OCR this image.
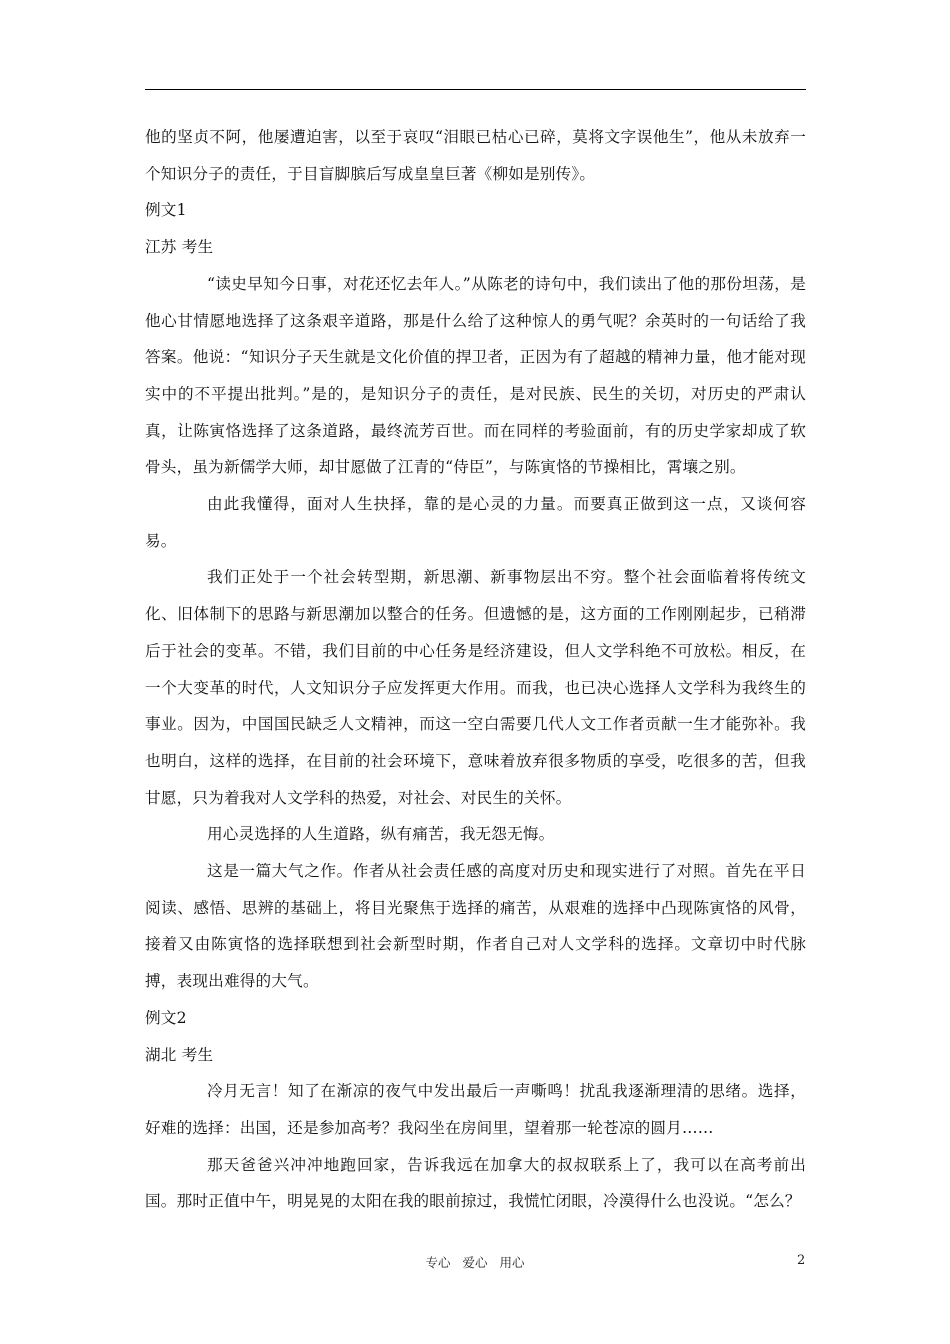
他的坚贞不阿，他屡遭迫害，以至于哀叹“泪眼已枯心已碎，莫将文字误他生”，他从未放弃一个知识分子的责任，于目盲脚膑后写成皇皇巨著《柳如是别传》。

例文1

江苏 考生

“读史早知今日事，对花还忆去年人。”从陈老的诗句中，我们读出了他的那份坦荡，是他心甘情愿地选择了这条艰辛道路，那是什么给了这种惊人的勇气呢？余英时的一句话给了我答案。他说：“知识分子天生就是文化价值的捍卫者，正因为有了超越的精神力量，他才能对现实中的不平提出批判。”是的，是知识分子的责任，是对民族、民生的关切，对历史的严肃认真，让陈寅恪选择了这条道路，最终流芳百世。而在同样的考验面前，有的历史学家却成了软骨头，虽为新儒学大师，却甘愿做了江青的“侍臣”，与陈寅恪的节操相比，霄壤之别。

由此我懂得，面对人生抉择，靠的是心灵的力量。而要真正做到这一点，又谈何容易。

我们正处于一个社会转型期，新思潮、新事物层出不穷。整个社会面临着将传统文化、旧体制下的思路与新思潮加以整合的任务。但遗憾的是，这方面的工作刚刚起步，已稍滞后于社会的变革。不错，我们目前的中心任务是经济建设，但人文学科绝不可放松。相反，在一个大变革的时代，人文知识分子应发挥更大作用。而我，也已决心选择人文学科为我终生的事业。因为，中国国民缺乏人文精神，而这一空白需要几代人文工作者贡献一生才能弥补。我也明白，这样的选择，在目前的社会环境下，意味着放弃很多物质的享受，吃很多的苦，但我甘愿，只为着我对人文学科的热爱，对社会、对民生的关怀。

用心灵选择的人生道路，纵有痛苦，我无怨无悔。

这是一篇大气之作。作者从社会责任感的高度对历史和现实进行了对照。首先在平日阅读、感悟、思辨的基础上，将目光聚焦于选择的痛苦，从艰难的选择中凸现陈寅恪的风骨，接着又由陈寅恪的选择联想到社会新型时期，作者自己对人文学科的选择。文章切中时代脉搏，表现出难得的大气。

例文2

湖北 考生

冷月无言！知了在渐凉的夜气中发出最后一声嘶鸣！扰乱我逐渐理清的思绪。选择，好难的选择：出国，还是参加高考？我闷坐在房间里，望着那一轮苍凉的圆月……

那天爸爸兴冲冲地跑回家，告诉我远在加拿大的叔叔联系上了，我可以在高考前出国。那时正值中午，明晃晃的太阳在我的眼前掠过，我慌忙闭眼，冷漠得什么也没说。“怎么？

专心 爱心 用心	2
